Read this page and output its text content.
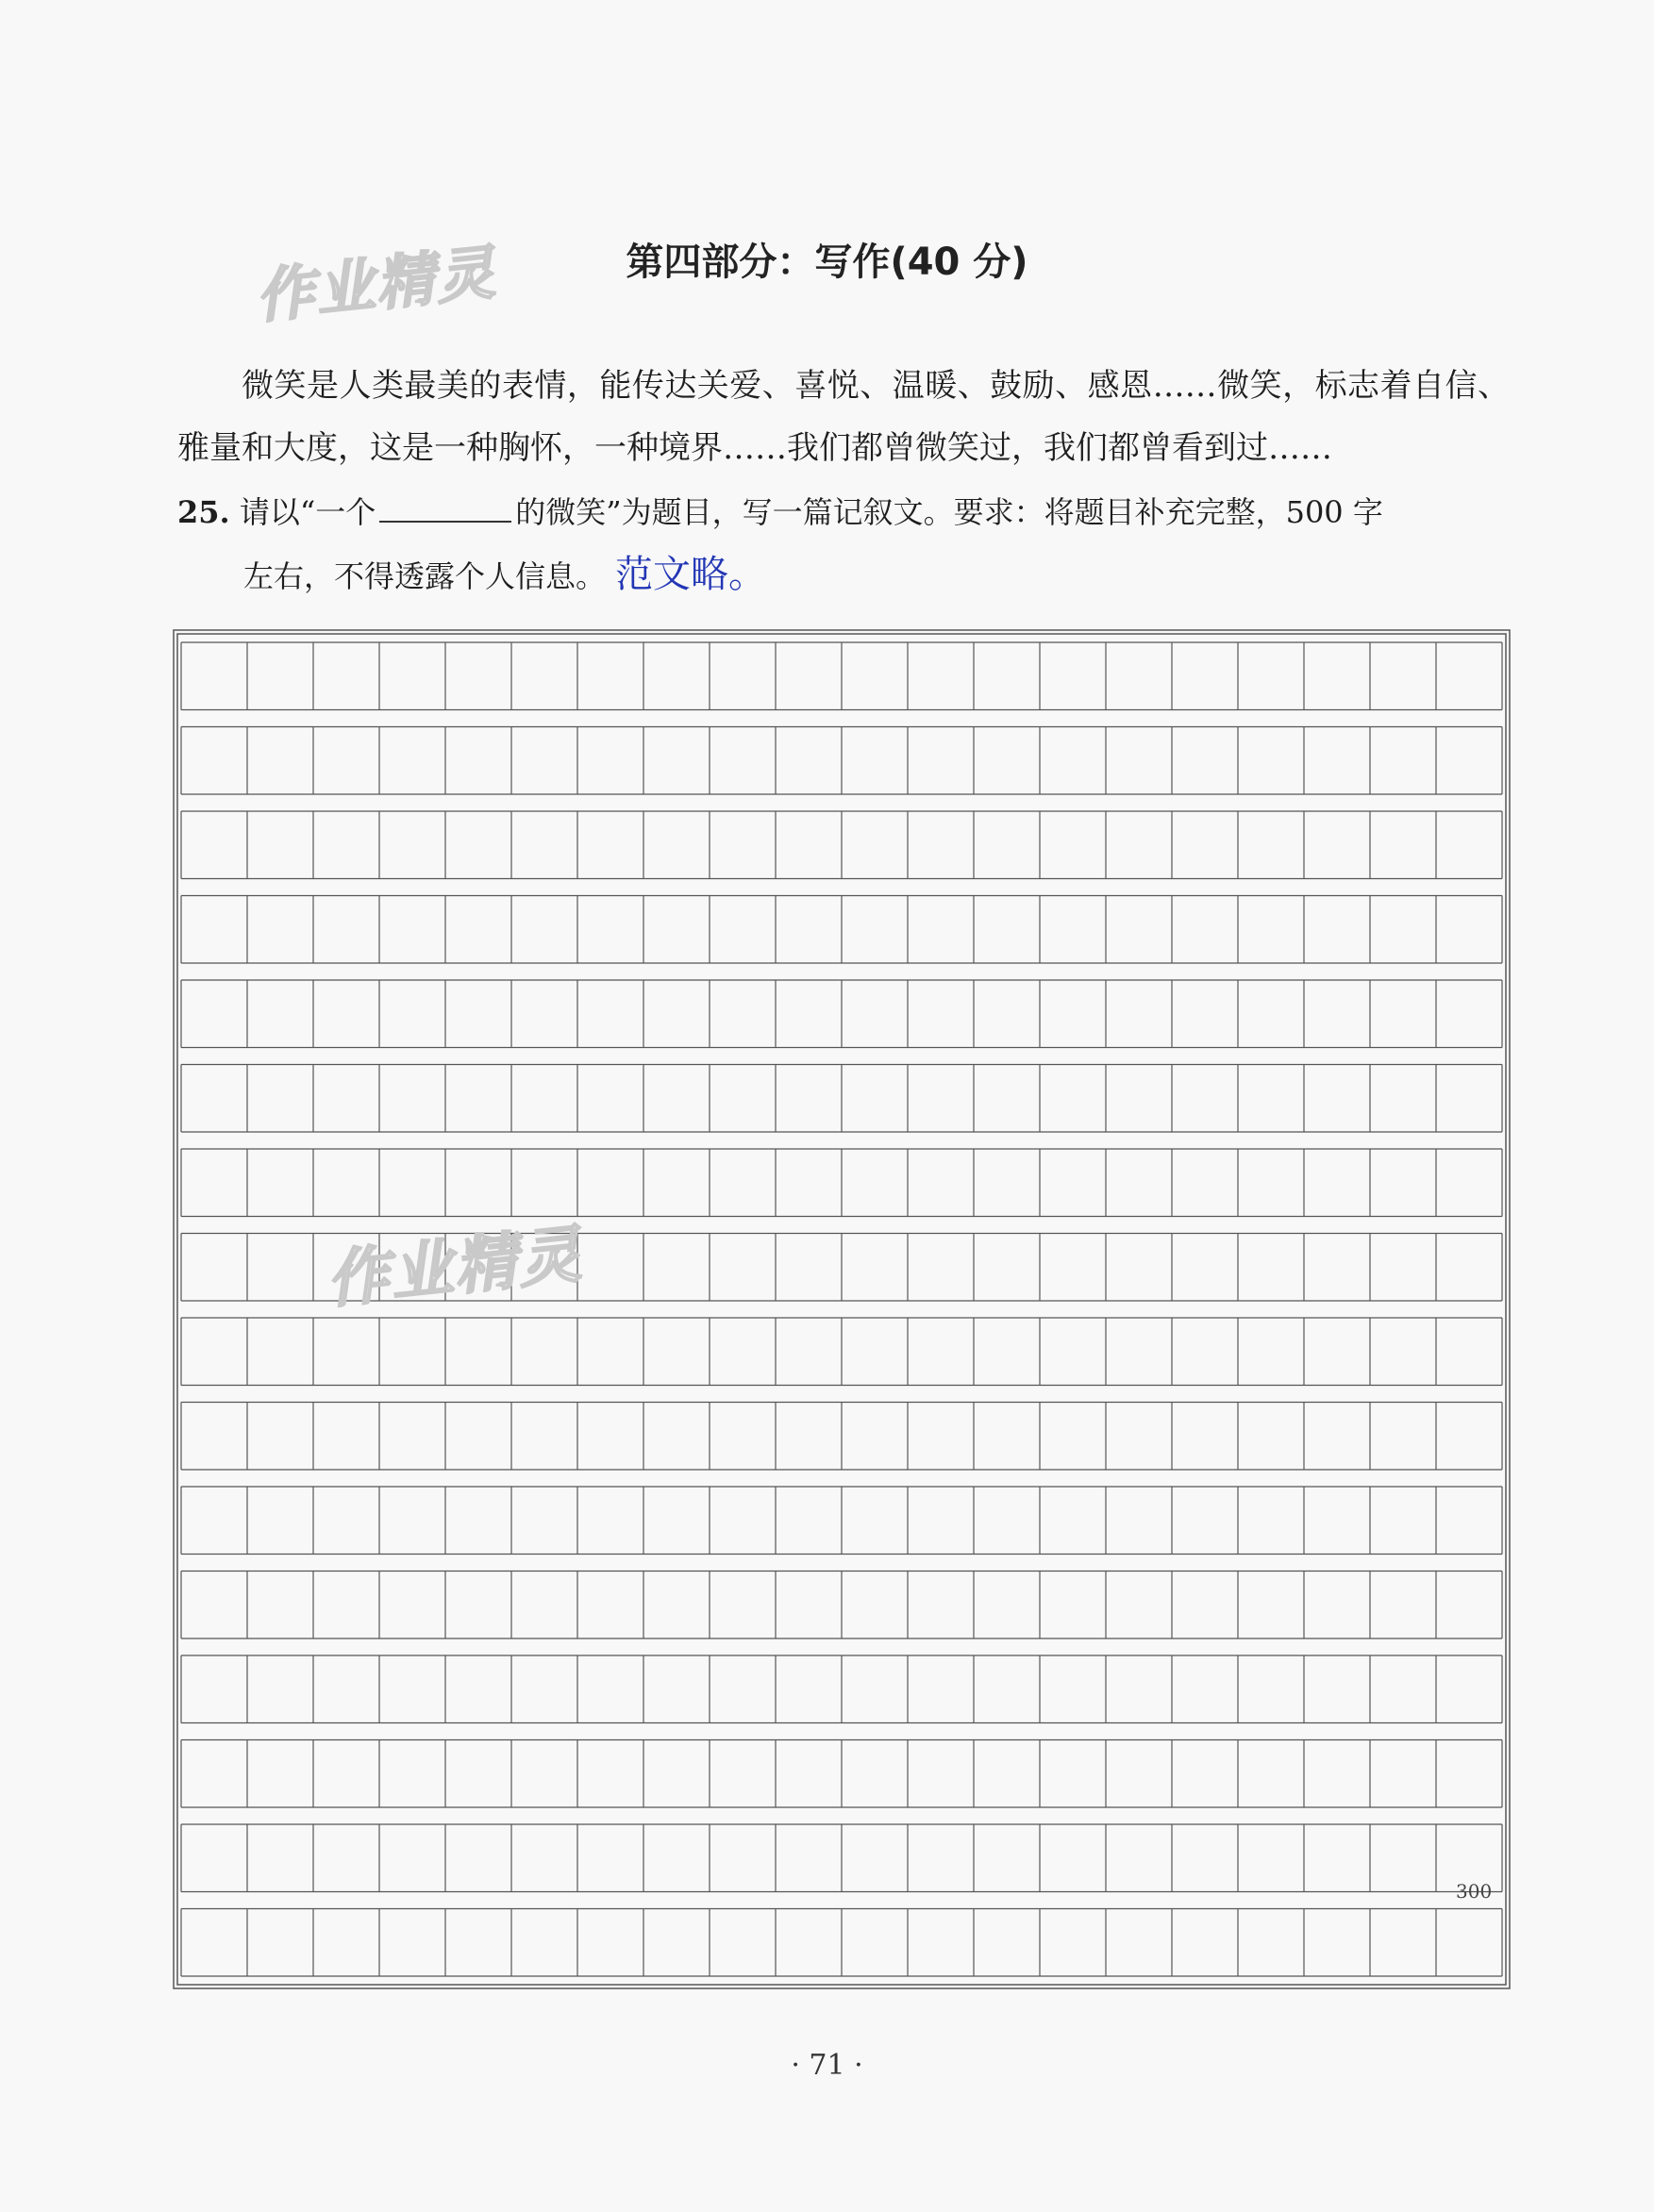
作业精灵	第四部分：写作(40 分)
微笑是人类最美的表情，能传达关爱、喜悦、温暖、鼓励、感恩……微笑，标志着自信、雅量和大度，这是一种胸怀，一种境界……我们都曾微笑过，我们都曾看到过……
25. 请以“一个	的微笑”为题目，写一篇记叙文。要求：将题目补充完整，500 字
左右，不得透露个人信息。 范文略。
300
作业精灵
· 71 ·
